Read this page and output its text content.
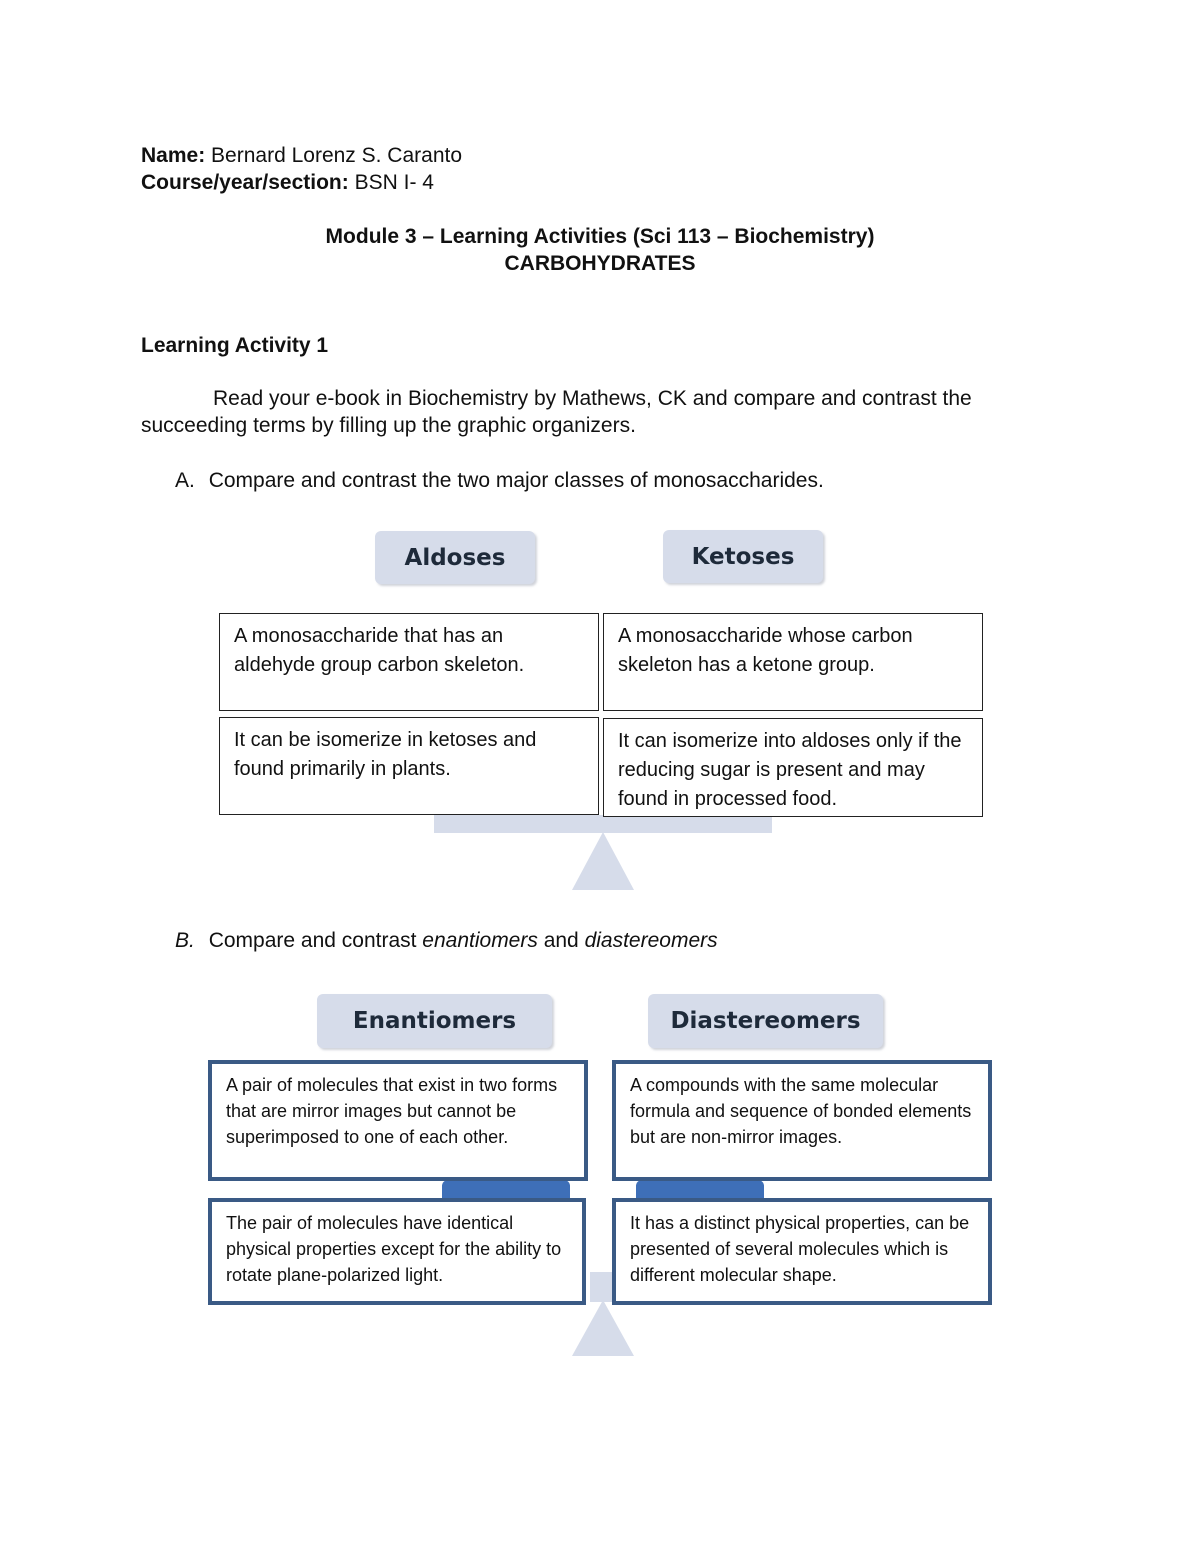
Name: Bernard Lorenz S. Caranto
Course/year/section: BSN I- 4
Module 3 – Learning Activities (Sci 113 – Biochemistry)
CARBOHYDRATES
Learning Activity 1
Read your e-book in Biochemistry by Mathews, CK and compare and contrast the
succeeding terms by filling up the graphic organizers.
A. Compare and contrast the two major classes of monosaccharides.
Aldoses	Ketoses
A monosaccharide that has an aldehyde group carbon skeleton.
It can be isomerize in ketoses and found primarily in plants.
A monosaccharide whose carbon skeleton has a ketone group.
It can isomerize into aldoses only if the reducing sugar is present and may found in processed food.
B. Compare and contrast enantiomers and diastereomers
Enantiomers	Diastereomers
A pair of molecules that exist in two forms that are mirror images but cannot be superimposed to one of each other.
The pair of molecules have identical physical properties except for the ability to rotate plane-polarized light.
A compounds with the same molecular formula and sequence of bonded elements but are non-mirror images.
It has a distinct physical properties, can be presented of several molecules which is different molecular shape.
